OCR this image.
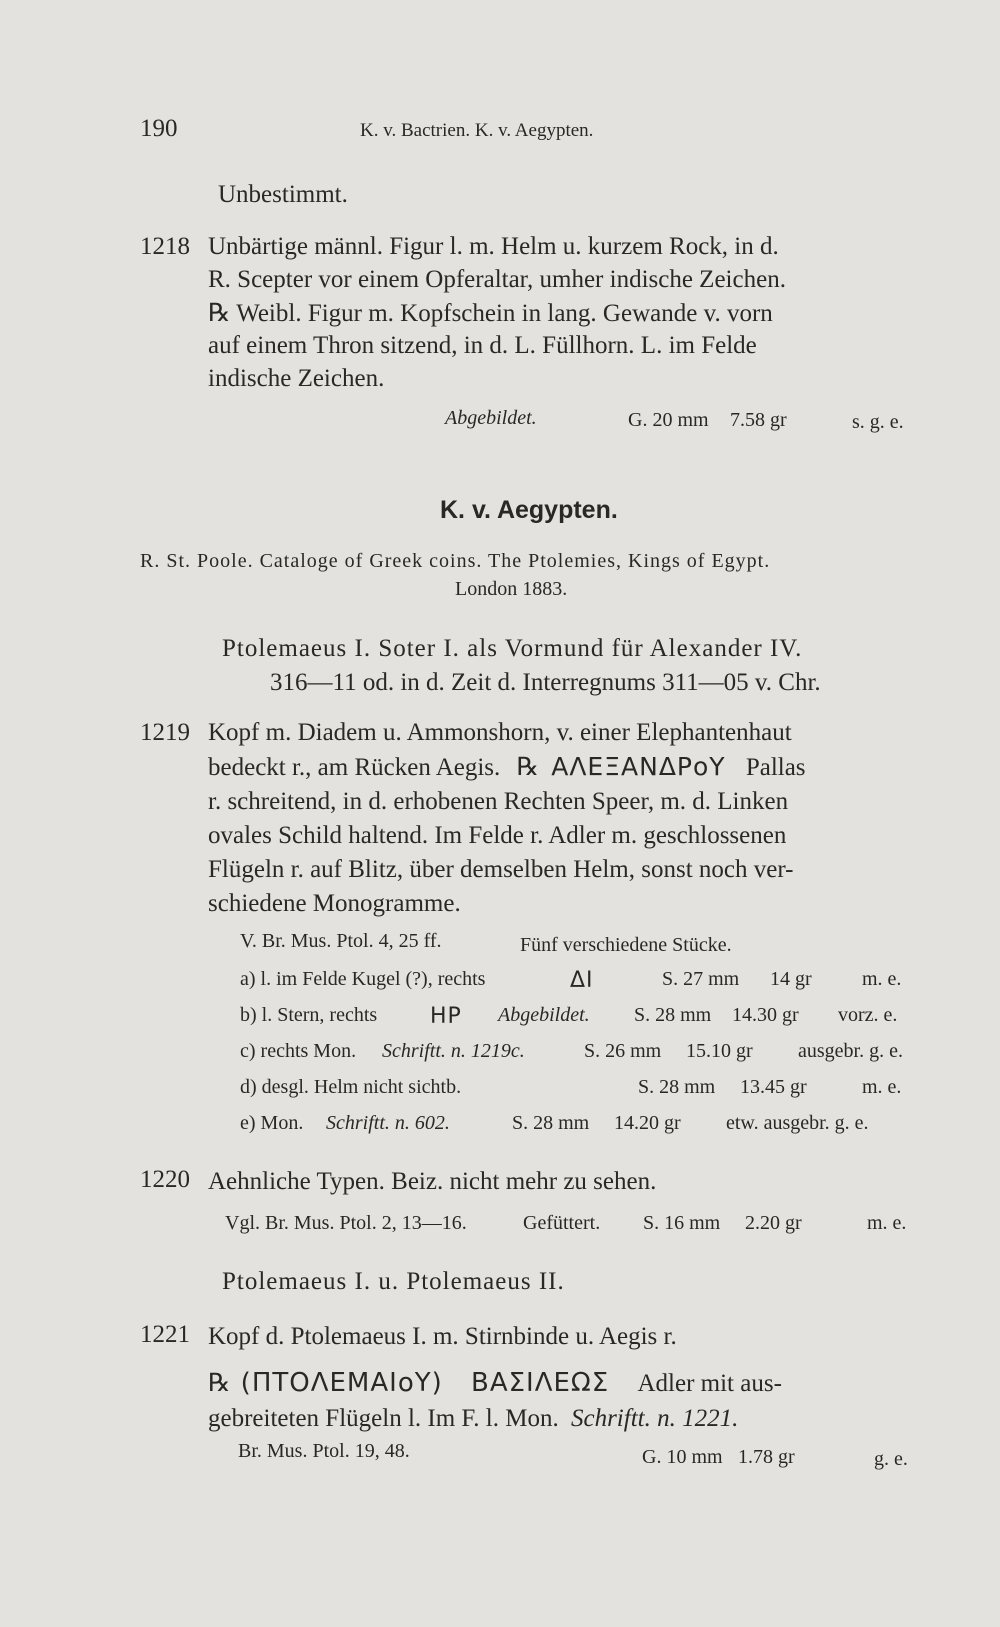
190	K. v. Bactrien. K. v. Aegypten.
Unbestimmt.
1218 Unbärtige männl. Figur l. m. Helm u. kurzem Rock, in d.
R. Scepter vor einem Opferaltar, umher indische Zeichen.
℞ Weibl. Figur m. Kopfschein in lang. Gewande v. vorn
auf einem Thron sitzend, in d. L. Füllhorn. L. im Felde
indische Zeichen.
Abgebildet.	G. 20 mm 7.58 gr	s. g. e.
K. v. Aegypten.
R. St. Poole. Cataloge of Greek coins. The Ptolemies, Kings of Egypt.
London 1883.
Ptolemaeus I. Soter I. als Vormund für Alexander IV.
316—11 od. in d. Zeit d. Interregnums 311—05 v. Chr.
1219 Kopf m. Diadem u. Ammonshorn, v. einer Elephantenhaut
bedeckt r., am Rücken Aegis. ℞ ΑΛΕΞΑΝΔΡοΥ Pallas
r. schreitend, in d. erhobenen Rechten Speer, m. d. Linken
ovales Schild haltend. Im Felde r. Adler m. geschlossenen
Flügeln r. auf Blitz, über demselben Helm, sonst noch ver-
schiedene Monogramme.
V. Br. Mus. Ptol. 4, 25 ff.	Fünf verschiedene Stücke.
a) l. im Felde Kugel (?), rechts	ΔΙ	S. 27 mm 14 gr	m. e.
b) l. Stern, rechts ΗΡ Abgebildet. S. 28 mm 14.30 gr vorz. e.
c) rechts Mon. Schriftt. n. 1219c.	S. 26 mm 15.10 gr ausgebr. g. e.
d) desgl. Helm nicht sichtb.	S. 28 mm 13.45 gr	m. e.
e) Mon. Schriftt. n. 602.	S. 28 mm 14.20 gr etw. ausgebr. g. e.
1220 Aehnliche Typen. Beiz. nicht mehr zu sehen.
Vgl. Br. Mus. Ptol. 2, 13—16.	Gefüttert. S. 16 mm 2.20 gr	m. e.
Ptolemaeus I. u. Ptolemaeus II.
1221 Kopf d. Ptolemaeus I. m. Stirnbinde u. Aegis r.
℞ (ΠΤΟΛΕΜΑΙοΥ) ΒΑΣΙΛΕΩΣ Adler mit aus-
gebreiteten Flügeln l. Im F. l. Mon. Schriftt. n. 1221.
Br. Mus. Ptol. 19, 48.	G. 10 mm 1.78 gr	g. e.
